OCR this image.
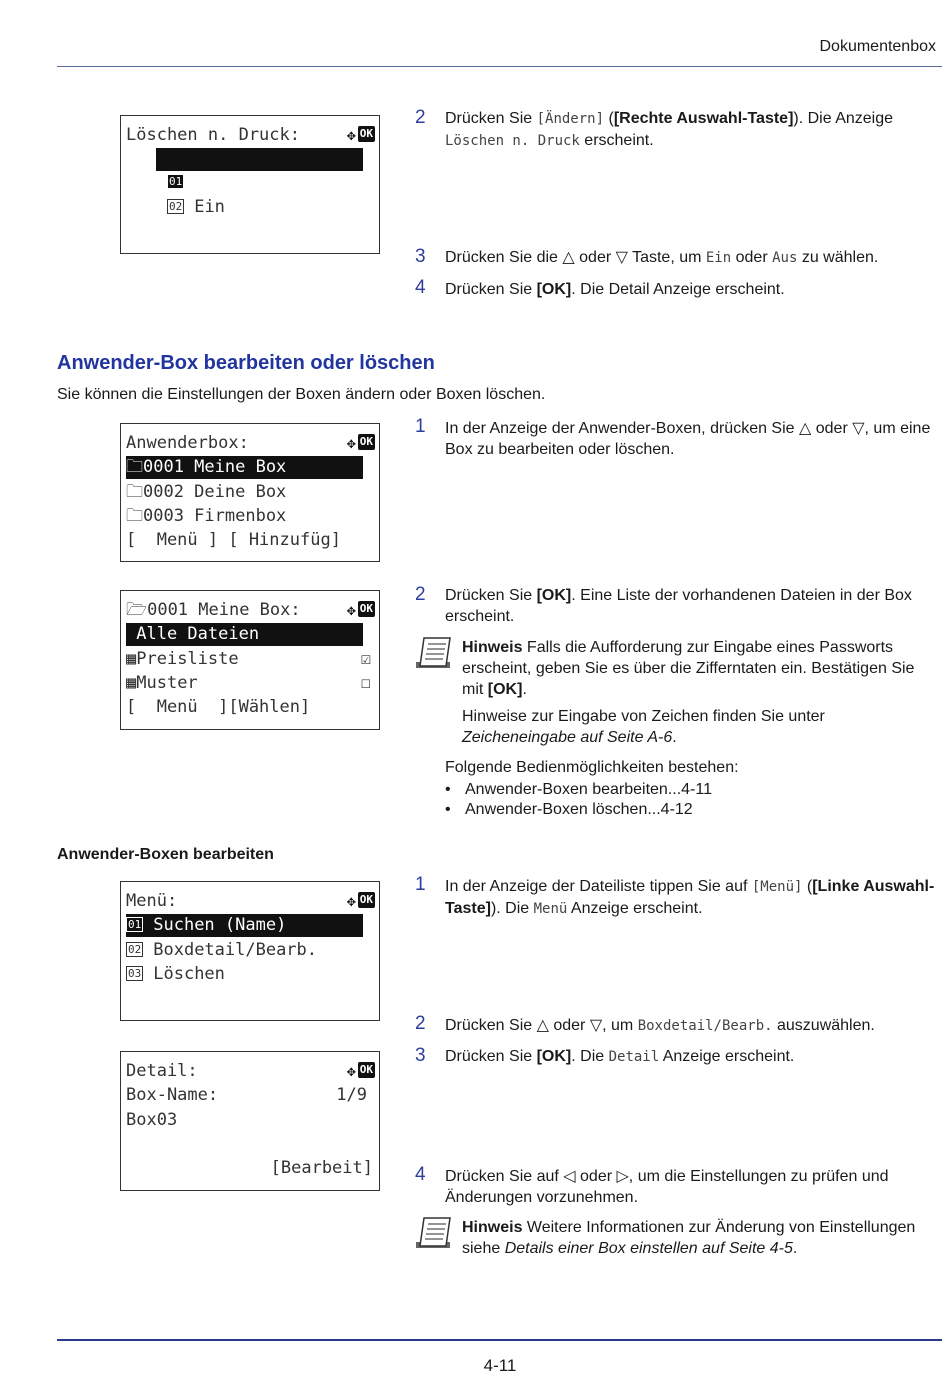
Dokumentenbox
Löschen n. Druck:	✥ OK

01 *Aus

02 Ein

2 Drücken Sie [Ändern] ([Rechte Auswahl-Taste]). Die Anzeige
Löschen n. Druck erscheint.
3 Drücken Sie die △ oder ▽ Taste, um Ein oder Aus zu wählen.
4 Drücken Sie [OK]. Die Detail Anzeige erscheint.
Anwender-Box bearbeiten oder löschen
Sie können die Einstellungen der Boxen ändern oder Boxen löschen.
Anwenderbox:	✥ OK
🗀0001 Meine Box
🗀0002 Deine Box
🗀0003 Firmenbox
[  Menü ] [ Hinzufüg]
1 In der Anzeige der Anwender-Boxen, drücken Sie △ oder ▽, um eine Box zu bearbeiten oder löschen.
🗁0001 Meine Box:	✥ OK
Alle Dateien
▦Preisliste	☑
▦Muster	☐
[  Menü  ][Wählen]
2 Drücken Sie [OK]. Eine Liste der vorhandenen Dateien in der Box erscheint.
Hinweis Falls die Aufforderung zur Eingabe eines Passworts erscheint, geben Sie es über die Zifferntaten ein. Bestätigen Sie mit [OK].
Hinweise zur Eingabe von Zeichen finden Sie unter Zeicheneingabe auf Seite A-6.
Folgende Bedienmöglichkeiten bestehen:
• Anwender-Boxen bearbeiten...4-11
• Anwender-Boxen löschen...4-12
Anwender-Boxen bearbeiten
Menü:	✥ OK
01 Suchen (Name)
02 Boxdetail/Bearb.
03 Löschen
1 In der Anzeige der Dateiliste tippen Sie auf [Menü] ([Linke Auswahl-Taste]). Die Menü Anzeige erscheint.
2 Drücken Sie △ oder ▽, um Boxdetail/Bearb. auszuwählen.
3 Drücken Sie [OK]. Die Detail Anzeige erscheint.
Detail:	✥ OK
Box-Name:	1/9
Box03
[Bearbeit] 4 Drücken Sie auf ◁ oder ▷, um die Einstellungen zu prüfen und Änderungen vorzunehmen.
Hinweis Weitere Informationen zur Änderung von Einstellungen siehe Details einer Box einstellen auf Seite 4-5.
4-11
